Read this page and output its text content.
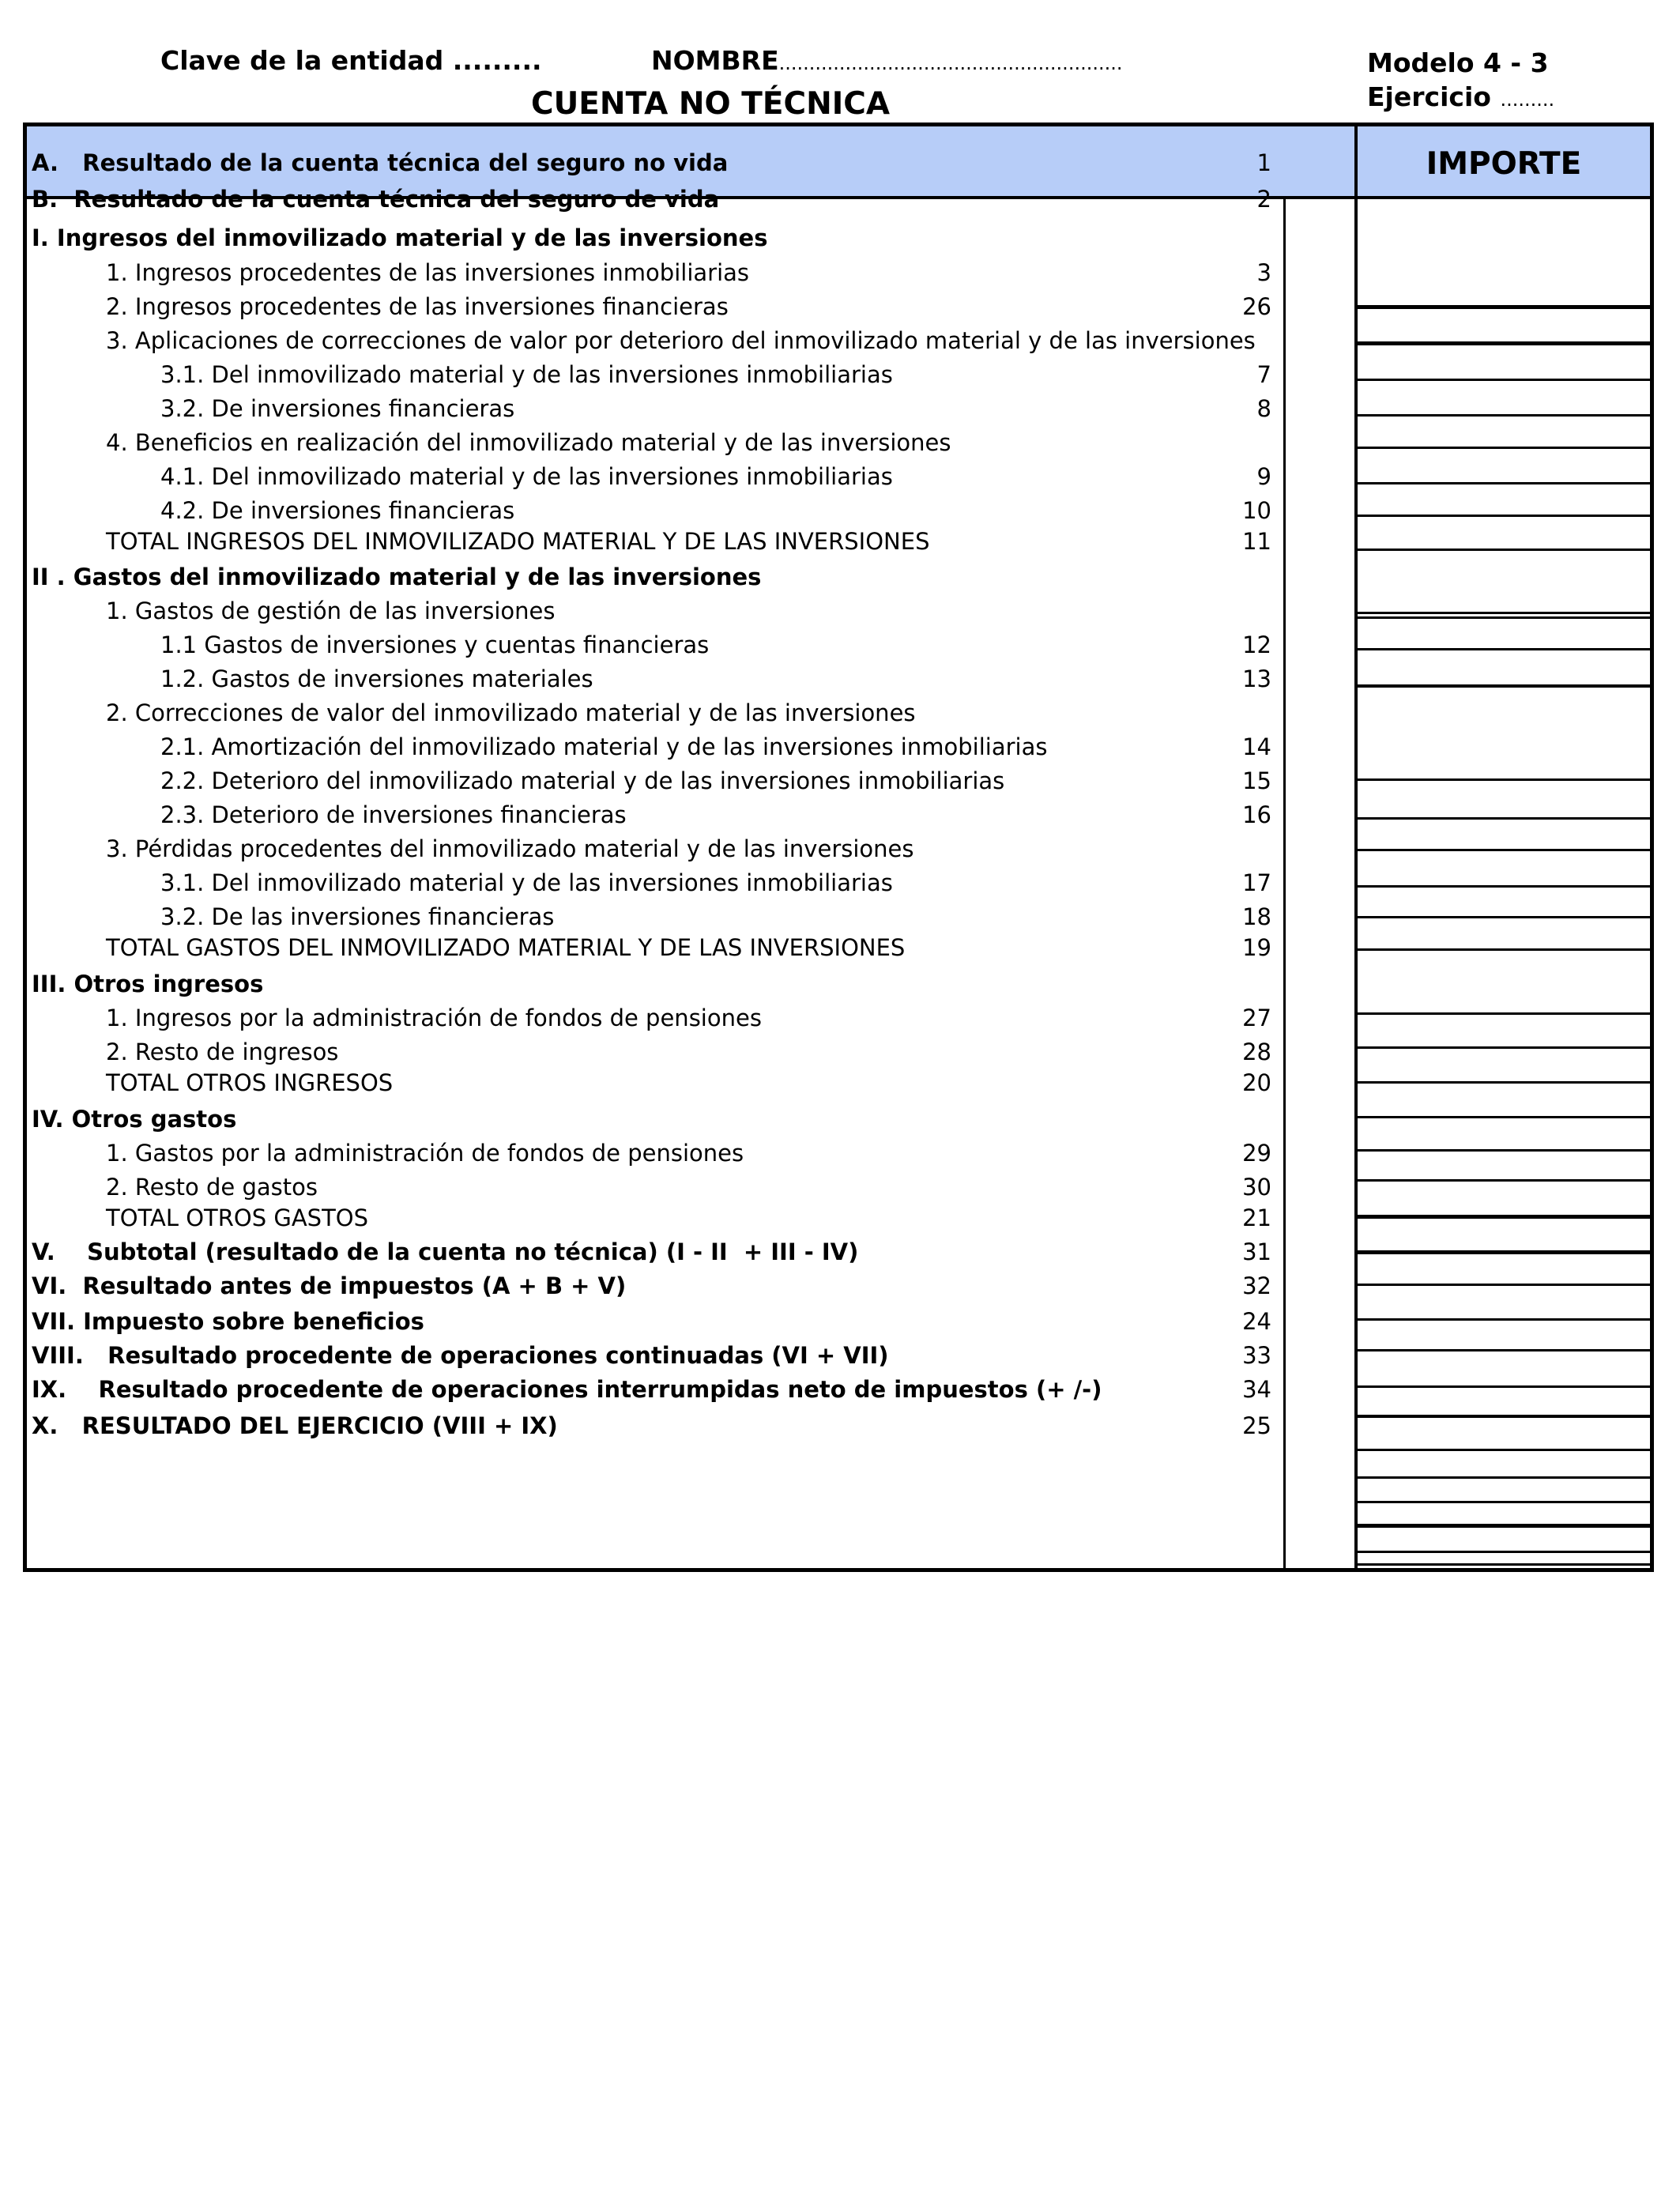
Clave de la entidad .........	NOMBRE.........................................................	Modelo 4 - 3
Ejercicio .........
CUENTA NO TÉCNICA
IMPORTE
A.   Resultado de la cuenta técnica del seguro no vida	1
B.  Resultado de la cuenta técnica del seguro de vida	2
I. Ingresos del inmovilizado material y de las inversiones
1. Ingresos procedentes de las inversiones inmobiliarias	3
2. Ingresos procedentes de las inversiones financieras	26
3. Aplicaciones de correcciones de valor por deterioro del inmovilizado material y de las inversiones
3.1. Del inmovilizado material y de las inversiones inmobiliarias	7
3.2. De inversiones financieras	8
4. Beneficios en realización del inmovilizado material y de las inversiones
4.1. Del inmovilizado material y de las inversiones inmobiliarias	9
4.2. De inversiones financieras	10
TOTAL INGRESOS DEL INMOVILIZADO MATERIAL Y DE LAS INVERSIONES	11
II . Gastos del inmovilizado material y de las inversiones
1. Gastos de gestión de las inversiones
1.1 Gastos de inversiones y cuentas financieras	12
1.2. Gastos de inversiones materiales	13
2. Correcciones de valor del inmovilizado material y de las inversiones
2.1. Amortización del inmovilizado material y de las inversiones inmobiliarias	14
2.2. Deterioro del inmovilizado material y de las inversiones inmobiliarias	15
2.3. Deterioro de inversiones financieras	16
3. Pérdidas procedentes del inmovilizado material y de las inversiones
3.1. Del inmovilizado material y de las inversiones inmobiliarias	17
3.2. De las inversiones financieras	18
TOTAL GASTOS DEL INMOVILIZADO MATERIAL Y DE LAS INVERSIONES	19
III. Otros ingresos
1. Ingresos por la administración de fondos de pensiones	27
2. Resto de ingresos	28
TOTAL OTROS INGRESOS	20
IV. Otros gastos
1. Gastos por la administración de fondos de pensiones	29
2. Resto de gastos	30
TOTAL OTROS GASTOS	21
V.    Subtotal (resultado de la cuenta no técnica) (I - II  + III - IV)	31
VI.  Resultado antes de impuestos (A + B + V)	32
VII. Impuesto sobre beneficios	24
VIII.   Resultado procedente de operaciones continuadas (VI + VII)	33
IX.    Resultado procedente de operaciones interrumpidas neto de impuestos (+ /-)	34
X.   RESULTADO DEL EJERCICIO (VIII + IX)	25
